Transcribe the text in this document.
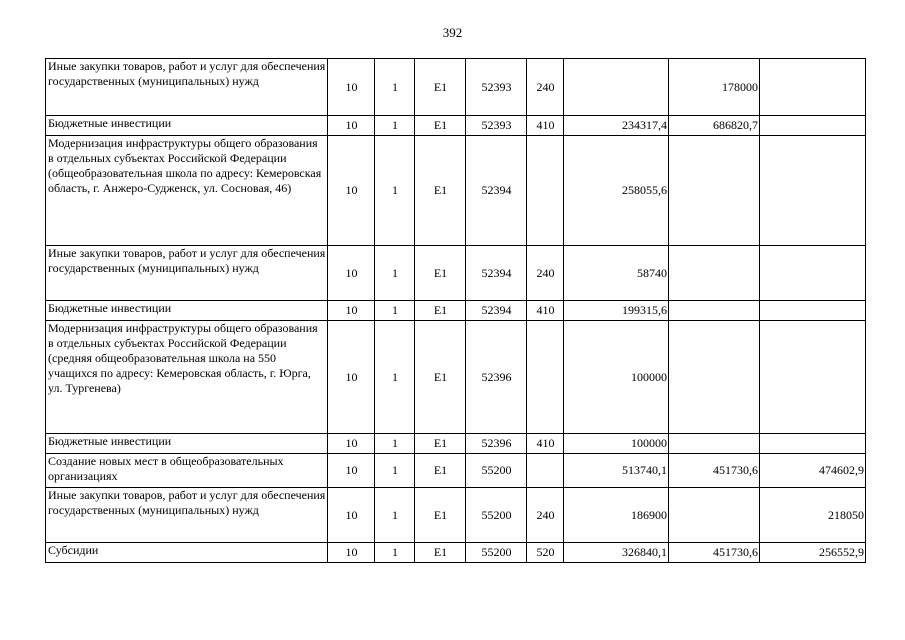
392
Иные закупки товаров, работ и услуг для обеспечения государственных (муниципальных) нужд	10	1	E1	52393	240		178000	
Бюджетные инвестиции	10	1	E1	52393	410	234317,4	686820,7	
Модернизация инфраструктуры общего образования в отдельных субъектах Российской Федерации (общеобразовательная школа по адресу: Кемеровская область, г. Анжеро-Судженск, ул. Сосновая, 46)	10	1	E1	52394		258055,6		
Иные закупки товаров, работ и услуг для обеспечения государственных (муниципальных) нужд	10	1	E1	52394	240	58740		
Бюджетные инвестиции	10	1	E1	52394	410	199315,6		
Модернизация инфраструктуры общего образования в отдельных субъектах Российской Федерации (средняя общеобразовательная школа на 550 учащихся по адресу: Кемеровская область, г. Юрга, ул. Тургенева)	10	1	E1	52396		100000		
Бюджетные инвестиции	10	1	E1	52396	410	100000		
Создание новых мест в общеобразовательных организациях	10	1	E1	55200		513740,1	451730,6	474602,9
Иные закупки товаров, работ и услуг для обеспечения государственных (муниципальных) нужд	10	1	E1	55200	240	186900		218050
Субсидии	10	1	E1	55200	520	326840,1	451730,6	256552,9
